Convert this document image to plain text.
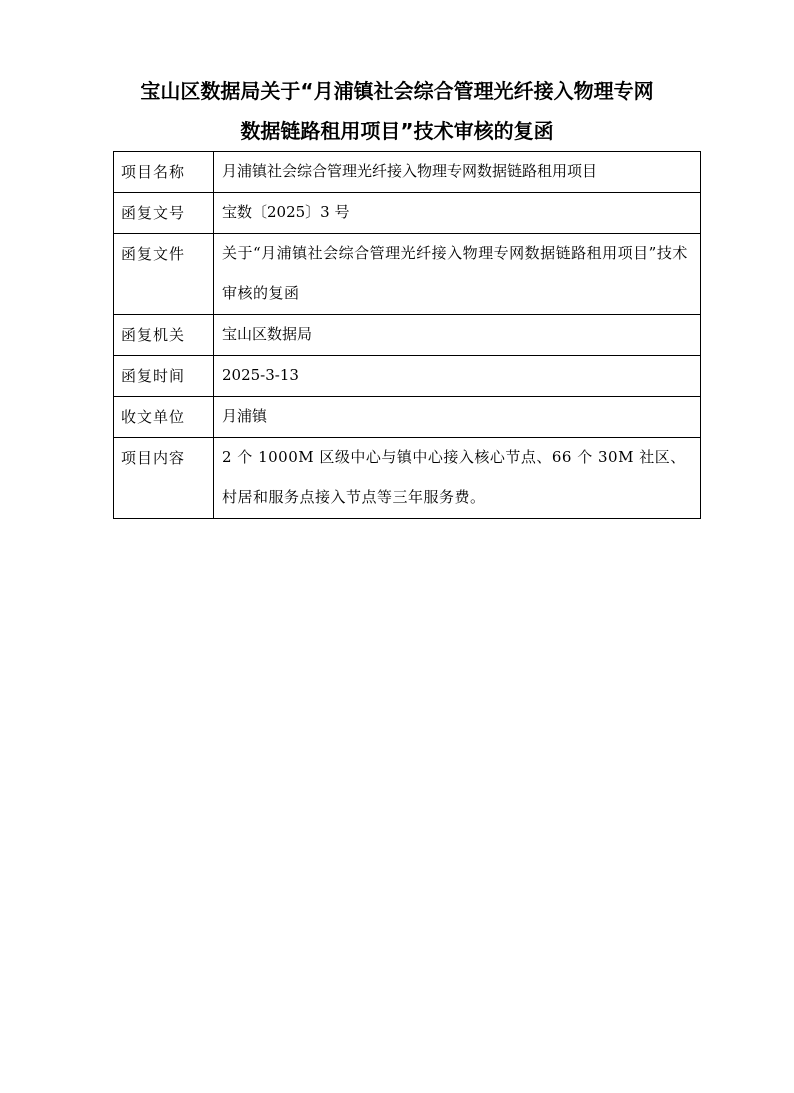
宝山区数据局关于“月浦镇社会综合管理光纤接入物理专网
数据链路租用项目”技术审核的复函
项目名称	月浦镇社会综合管理光纤接入物理专网数据链路租用项目
函复文号	宝数〔2025〕3 号
函复文件	关于“月浦镇社会综合管理光纤接入物理专网数据链路租用项目”技术审核的复函

函复机关	宝山区数据局
函复时间	2025-3-13
收文单位	月浦镇
项目内容	2 个 1000M 区级中心与镇中心接入核心节点、66 个 30M 社区、村居和服务点接入节点等三年服务费。
